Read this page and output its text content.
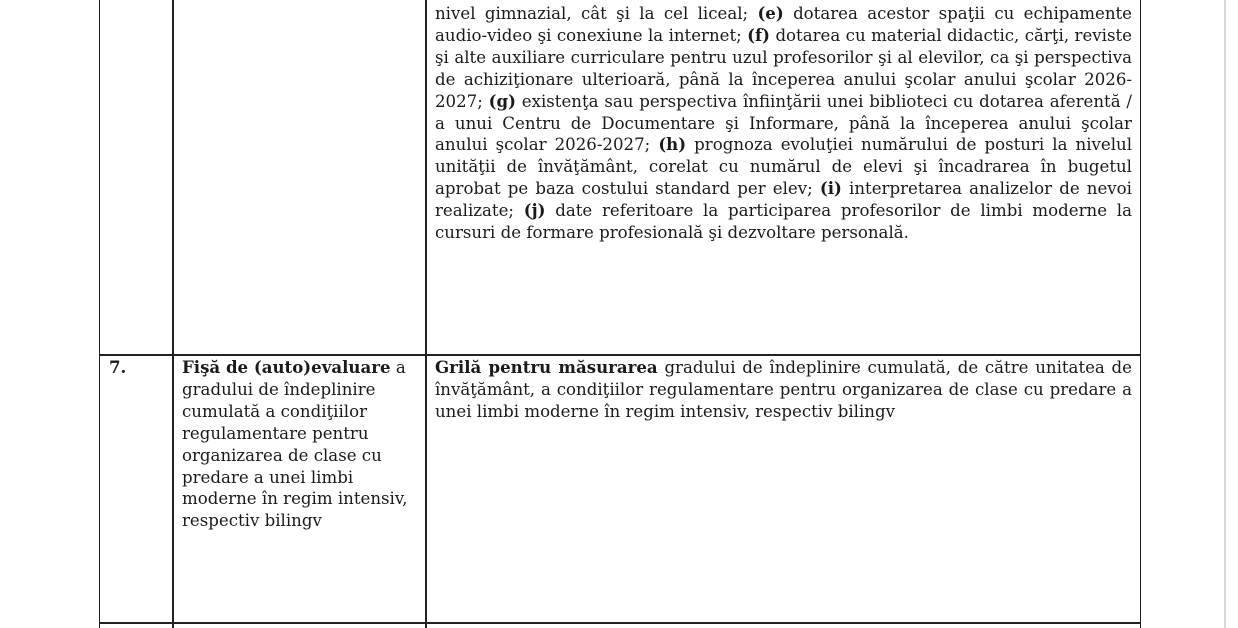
nivel gimnazial, cât şi la cel liceal; (e) dotarea acestor spaţii cu echipamente audio-video şi conexiune la internet; (f) dotarea cu material didactic, cărţi, reviste şi alte auxiliare curriculare pentru uzul profesorilor şi al elevilor, ca şi perspectiva de achiziţionare ulterioară, până la începerea anului şcolar anului şcolar 2026-2027; (g) existenţa sau perspectiva înfiinţării unei biblioteci cu dotarea aferentă / a unui Centru de Documentare şi Informare, până la începerea anului şcolar anului şcolar 2026-2027; (h) prognoza evoluţiei numărului de posturi la nivelul unităţii de învăţământ, corelat cu numărul de elevi şi încadrarea în bugetul aprobat pe baza costului standard per elev; (i) interpretarea analizelor de nevoi realizate; (j) date referitoare la participarea profesorilor de limbi moderne la cursuri de formare profesională şi dezvoltare personală.
7.	Fişă de (auto)evaluare a gradului de îndeplinire cumulată a condiţiilor regulamentare pentru organizarea de clase cu predare a unei limbi moderne în regim intensiv, respectiv bilingv
Grilă pentru măsurarea gradului de îndeplinire cumulată, de către unitatea de învăţământ, a condiţiilor regulamentare pentru organizarea de clase cu predare a unei limbi moderne în regim intensiv, respectiv bilingv
